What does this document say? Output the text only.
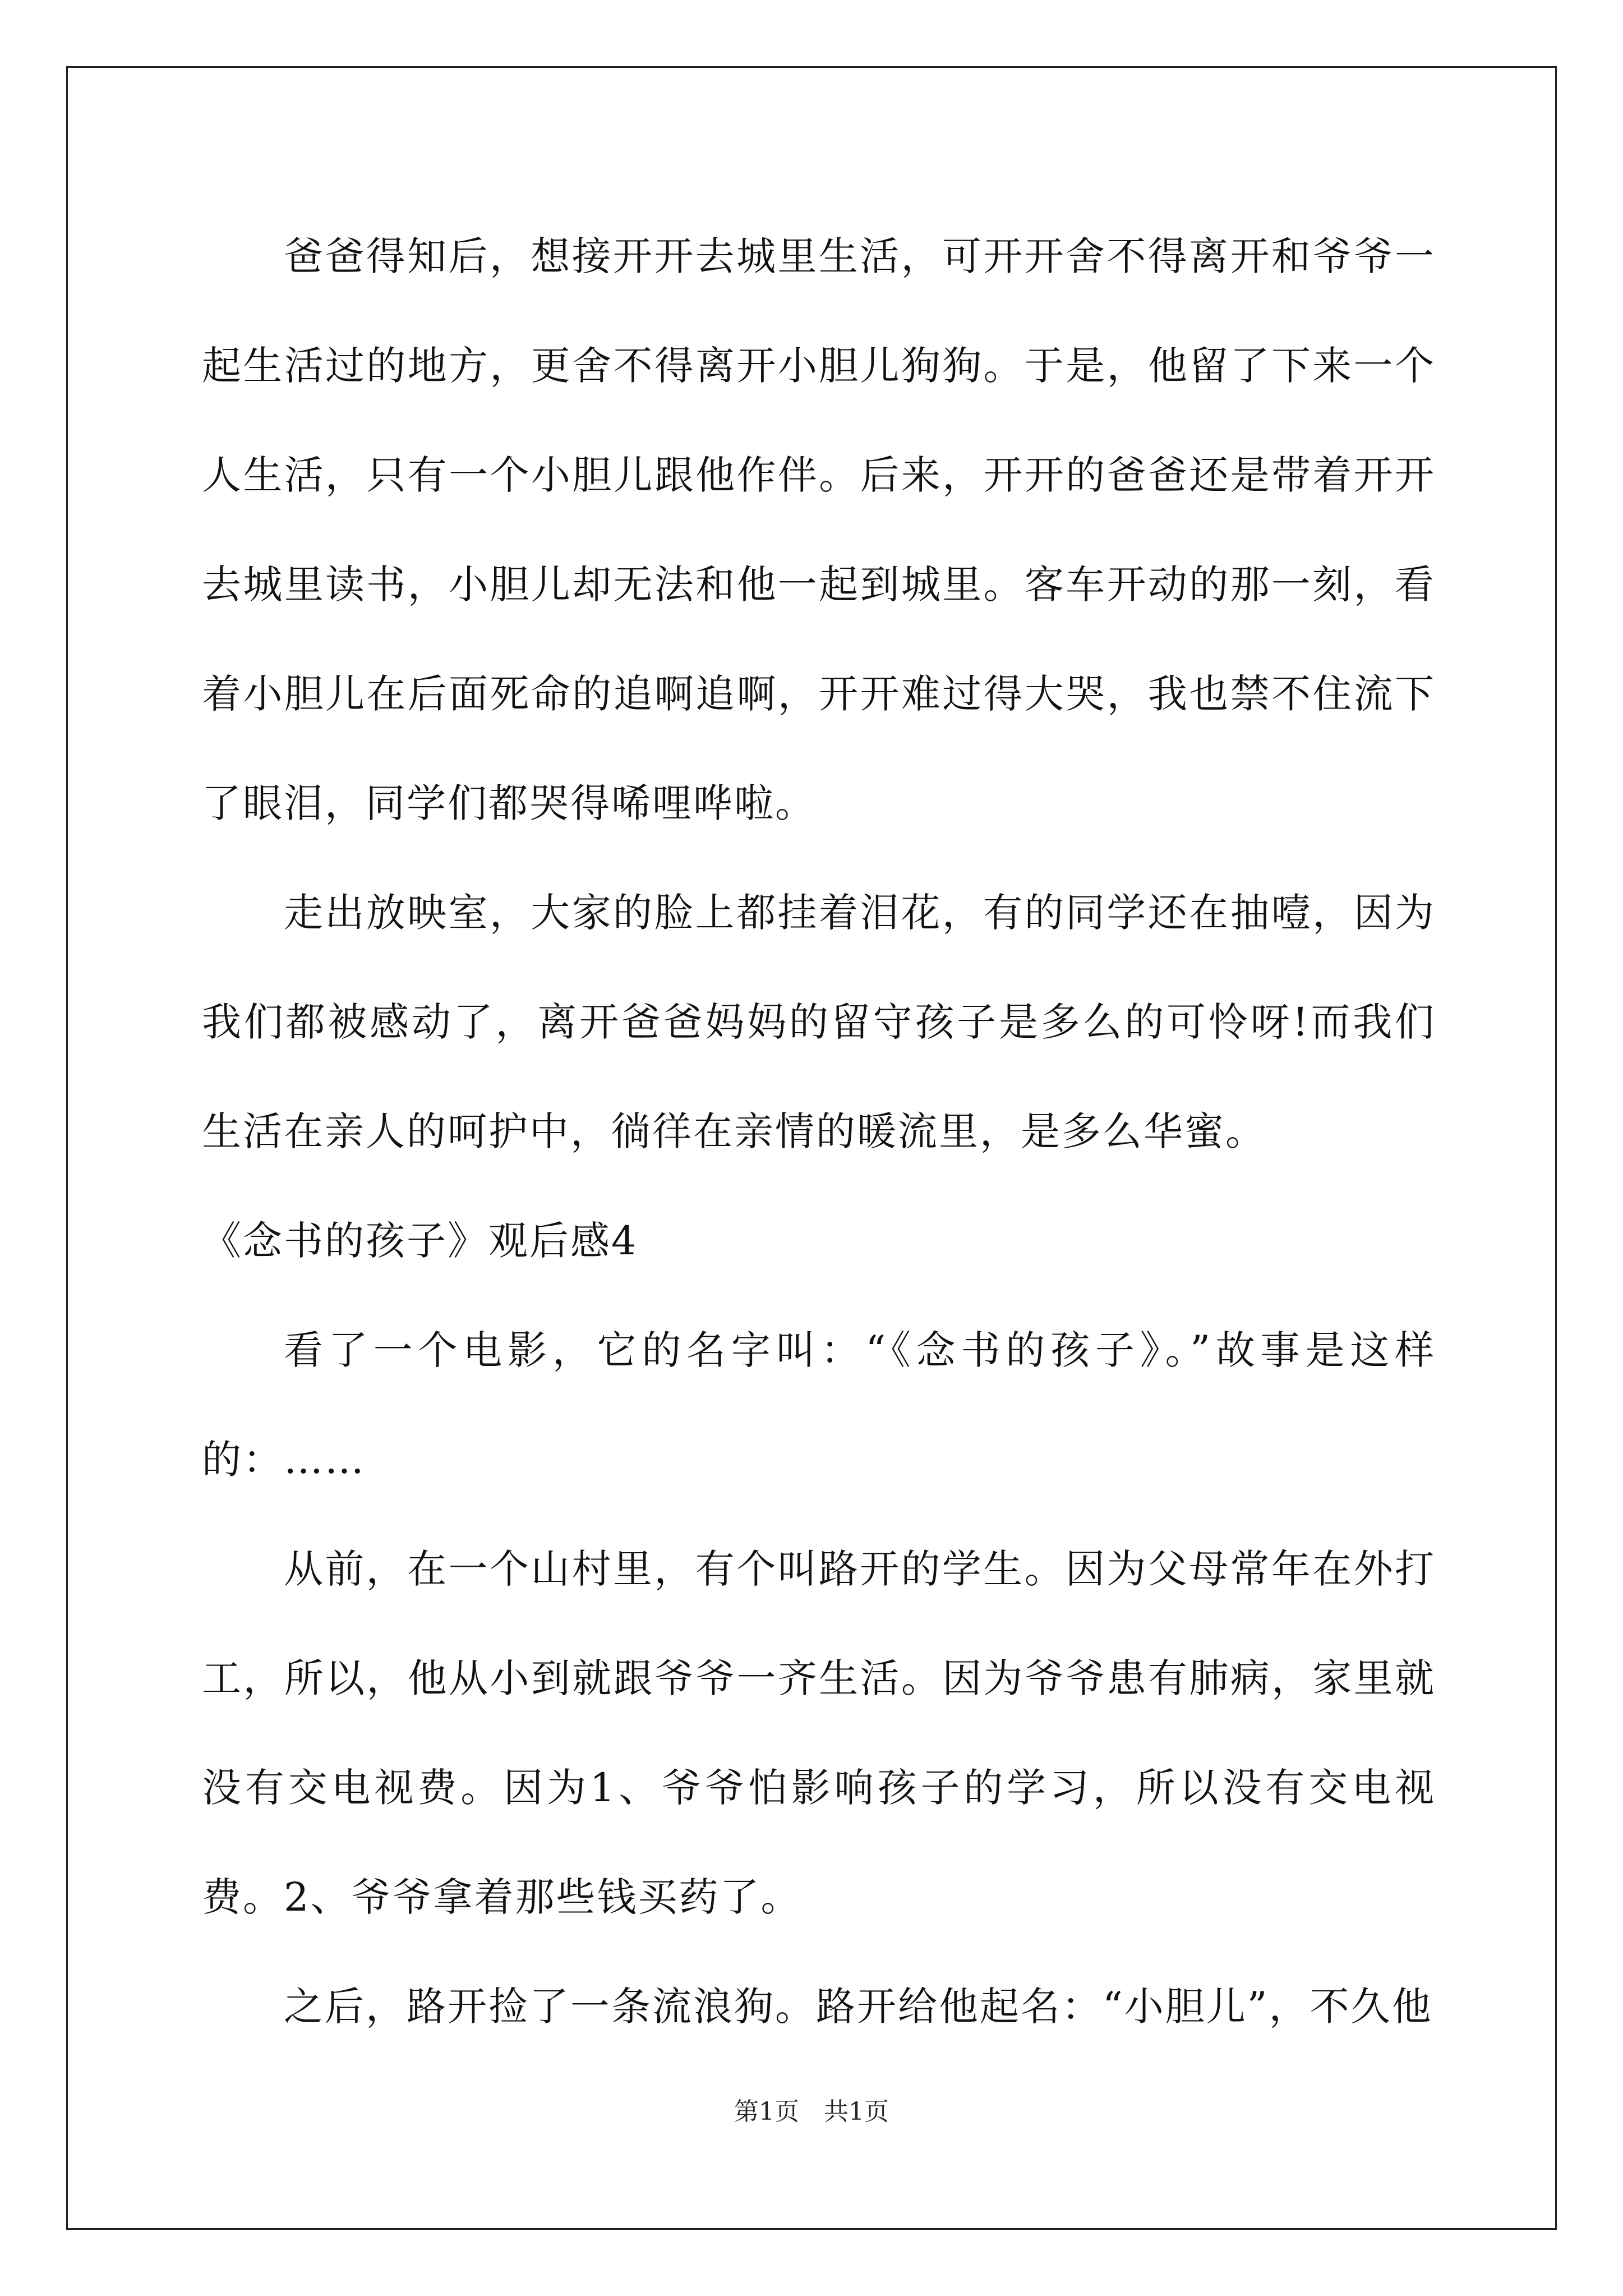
爸爸得知后，想接开开去城里生活，可开开舍不得离开和爷爷一起生活过的地方，更舍不得离开小胆儿狗狗。于是，他留了下来一个人生活，只有一个小胆儿跟他作伴。后来，开开的爸爸还是带着开开去城里读书，小胆儿却无法和他一起到城里。客车开动的那一刻，看着小胆儿在后面死命的追啊追啊，开开难过得大哭，我也禁不住流下了眼泪，同学们都哭得唏哩哗啦。

走出放映室，大家的脸上都挂着泪花，有的同学还在抽噎，因为我们都被感动了，离开爸爸妈妈的留守孩子是多么的可怜呀!而我们生活在亲人的呵护中，徜徉在亲情的暖流里，是多么华蜜。

《念书的孩子》观后感4

看了一个电影，它的名字叫：“《念书的孩子》。”故事是这样的：……

从前，在一个山村里，有个叫路开的学生。因为父母常年在外打工，所以，他从小到就跟爷爷一齐生活。因为爷爷患有肺病，家里就没有交电视费。因为1、爷爷怕影响孩子的学习，所以没有交电视费。2、爷爷拿着那些钱买药了。

之后，路开捡了一条流浪狗。路开给他起名：“小胆儿”，不久他

第1页　共1页
